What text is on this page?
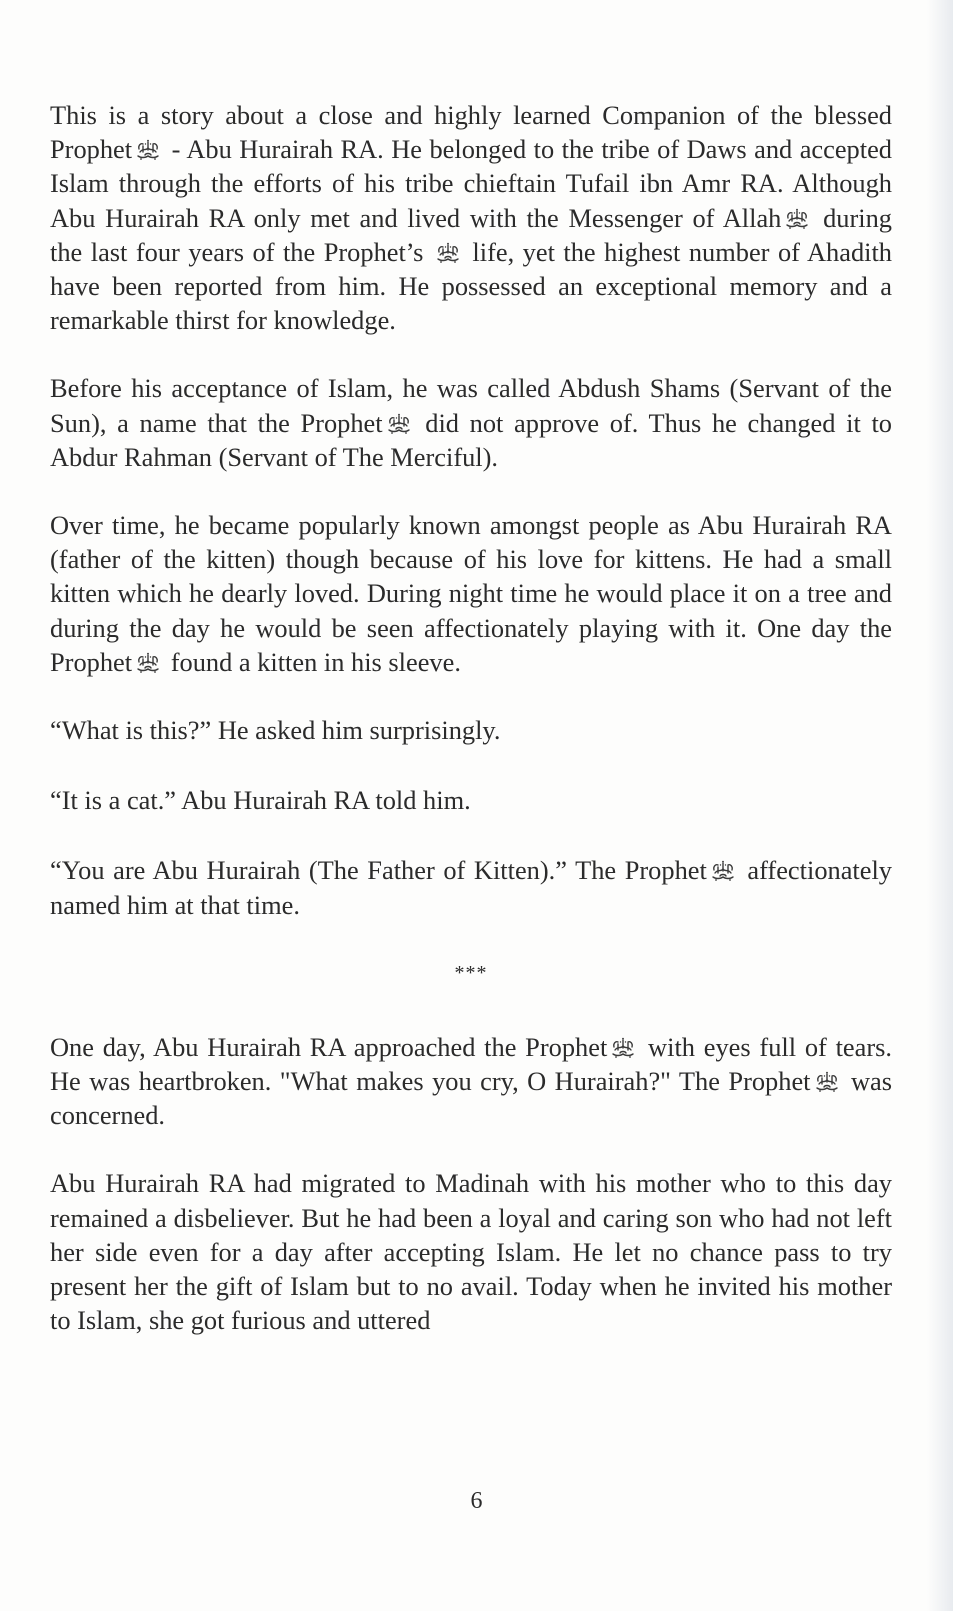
This is a story about a close and highly learned Companion of the blessed Prophet - Abu Hurairah RA. He belonged to the tribe of Daws and accepted Islam through the efforts of his tribe chieftain Tufail ibn Amr RA. Although Abu Hurairah RA only met and lived with the Messenger of Allah during the last four years of the Prophet’s  life, yet the highest number of Ahadith have been reported from him. He possessed an exceptional memory and a remarkable thirst for knowledge.

Before his acceptance of Islam, he was called Abdush Shams (Servant of the Sun), a name that the Prophet did not approve of. Thus he changed it to Abdur Rahman (Servant of The Merciful).

Over time, he became popularly known amongst people as Abu Hurairah RA (father of the kitten) though because of his love for kittens. He had a small kitten which he dearly loved. During night time he would place it on a tree and during the day he would be seen affectionately playing with it. One day the Prophet found a kitten in his sleeve.

“What is this?” He asked him surprisingly.

“It is a cat.” Abu Hurairah RA told him.

“You are Abu Hurairah (The Father of Kitten).” The Prophet affectionately named him at that time.

***

One day, Abu Hurairah RA approached the Prophet with eyes full of tears. He was heartbroken. "What makes you cry, O Hurairah?" The Prophet was concerned.

Abu Hurairah RA had migrated to Madinah with his mother who to this day remained a disbeliever. But he had been a loyal and caring son who had not left her side even for a day after accepting Islam. He let no chance pass to try present her the gift of Islam but to no avail. Today when he invited his mother to Islam, she got furious and uttered

6
